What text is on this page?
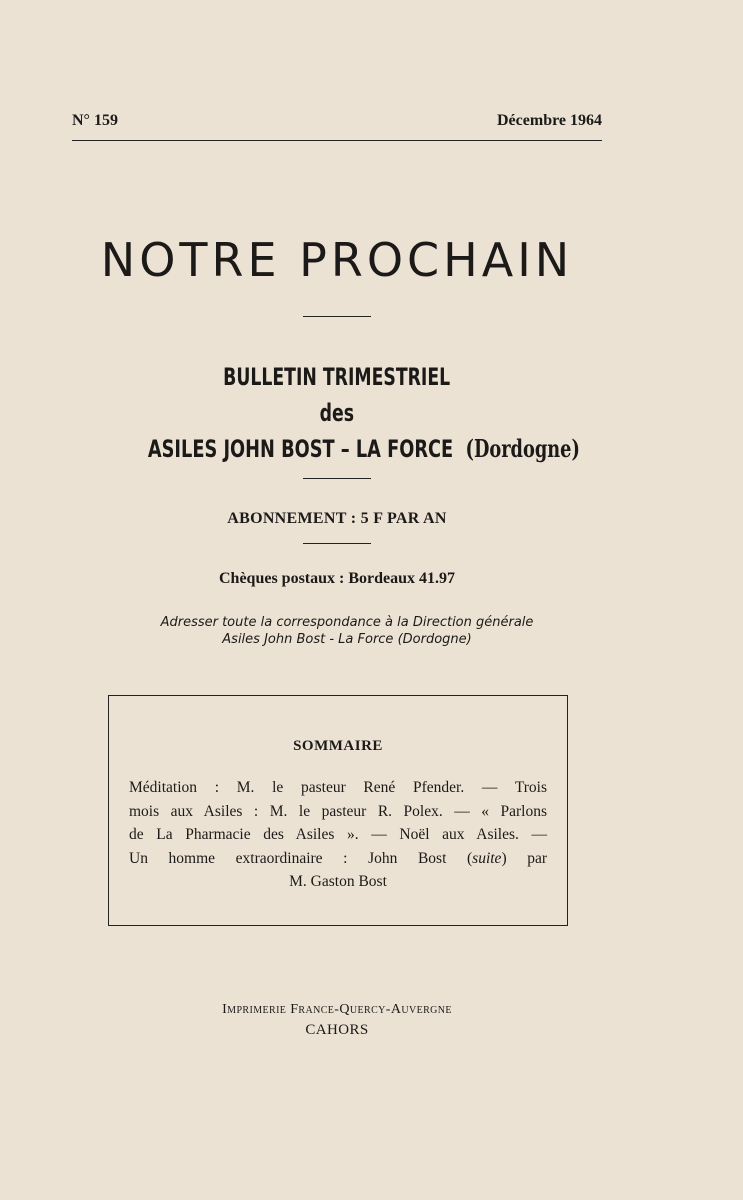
N° 159	Décembre 1964
NOTRE PROCHAIN
BULLETIN TRIMESTRIEL
des
ASILES JOHN BOST – LA FORCE (Dordogne)
ABONNEMENT : 5 F PAR AN
Chèques postaux : Bordeaux 41.97
Adresser toute la correspondance à la Direction générale
Asiles John Bost - La Force (Dordogne)
SOMMAIRE
Méditation : M. le pasteur René Pfender. — Trois
mois aux Asiles : M. le pasteur R. Polex. — « Parlons
de La Pharmacie des Asiles ». — Noël aux Asiles. —
Un homme extraordinaire : John Bost (suite) par
M. Gaston Bost
Imprimerie France-Quercy-Auvergne
CAHORS
